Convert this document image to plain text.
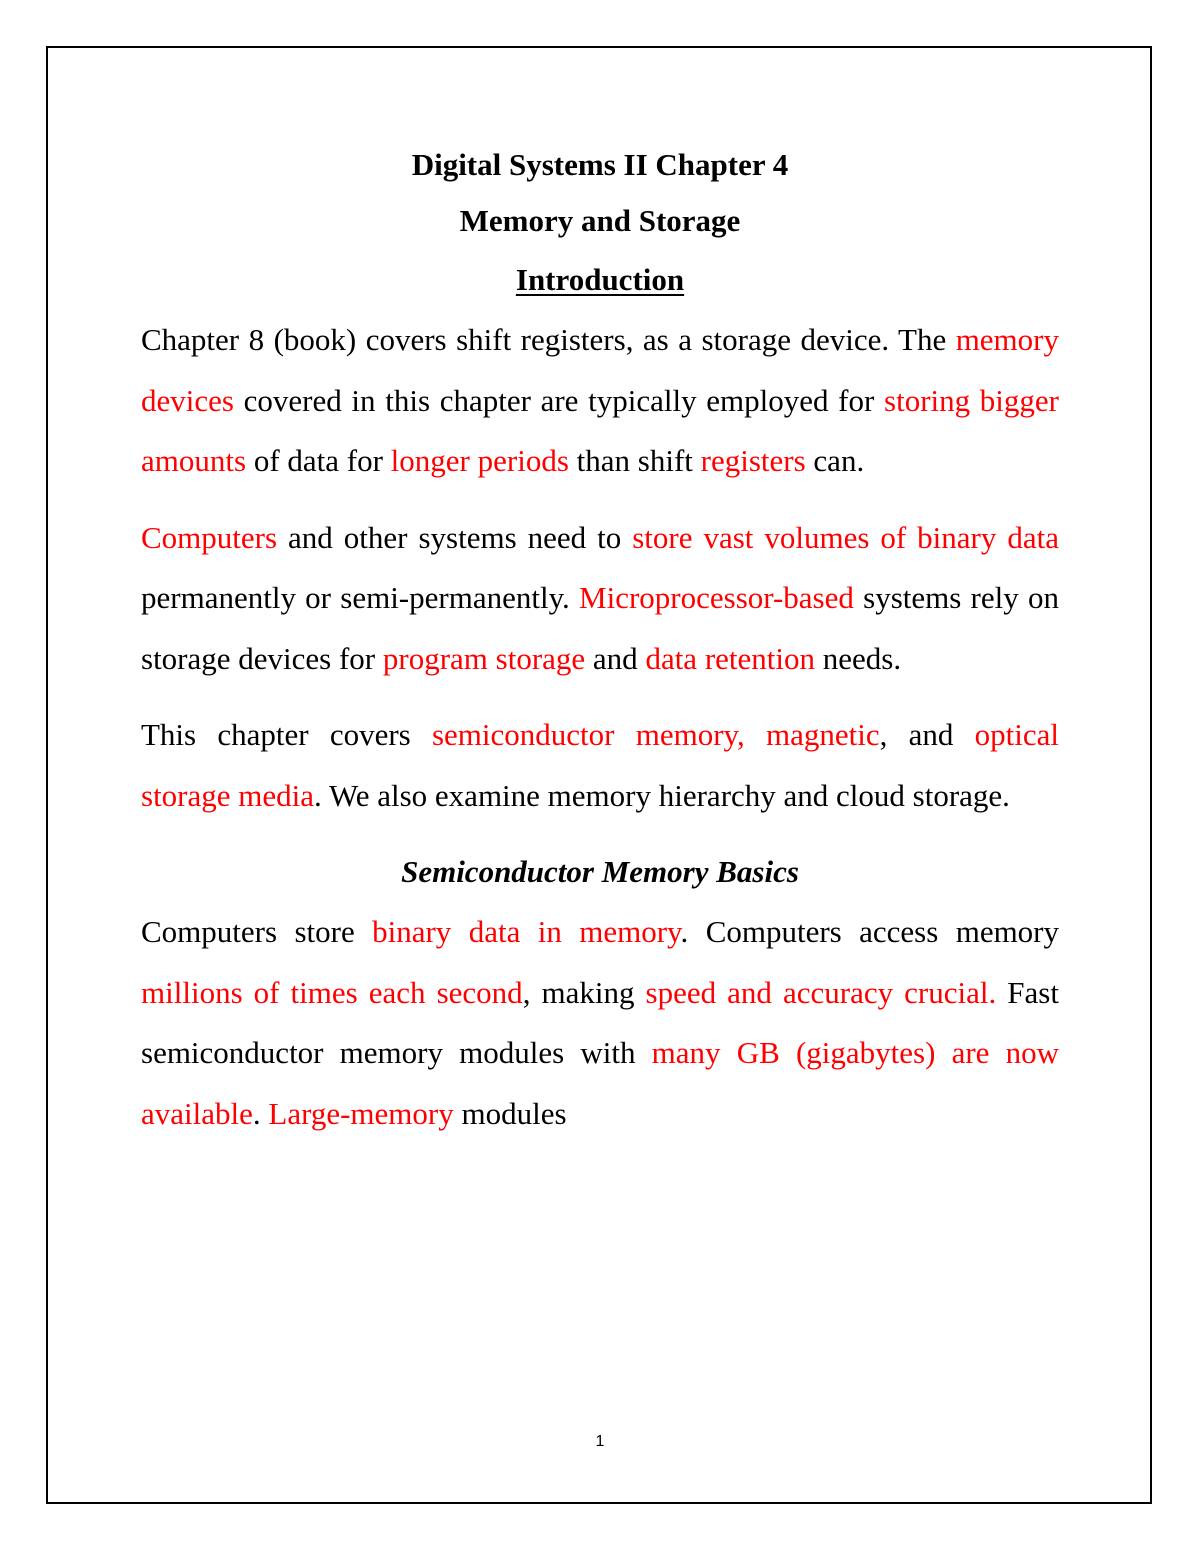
Digital Systems II Chapter 4
Memory and Storage
Introduction

Chapter 8 (book) covers shift registers, as a storage device. The memory devices covered in this chapter are typically employed for storing bigger amounts of data for longer periods than shift registers can.

Computers and other systems need to store vast volumes of binary data permanently or semi-permanently. Microprocessor-based systems rely on storage devices for program storage and data retention needs.

This chapter covers semiconductor memory, magnetic, and optical storage media. We also examine memory hierarchy and cloud storage.

Semiconductor Memory Basics

Computers store binary data in memory. Computers access memory millions of times each second, making speed and accuracy crucial. Fast semiconductor memory modules with many GB (gigabytes) are now available. Large-memory modules

1
